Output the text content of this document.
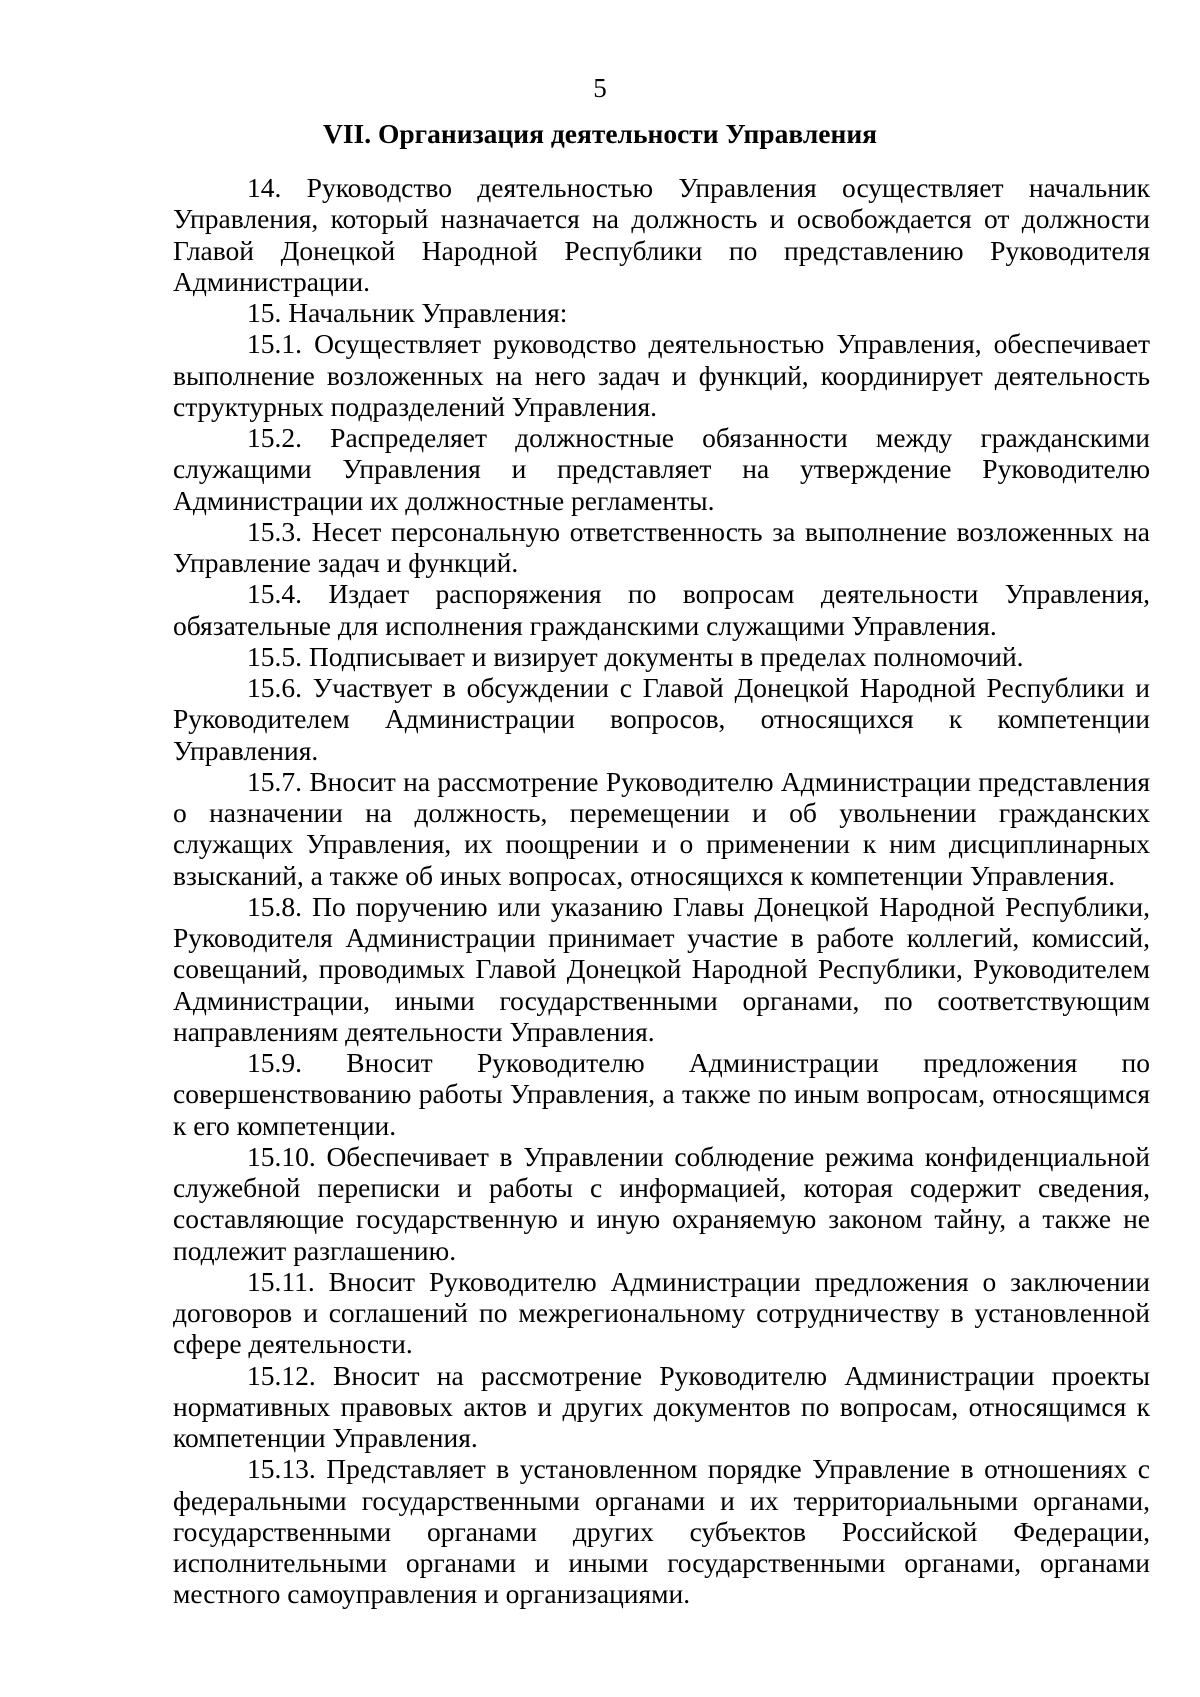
5
VII. Организация деятельности Управления

14. Руководство деятельностью Управления осуществляет начальник Управления, который назначается на должность и освобождается от должности Главой Донецкой Народной Республики по представлению Руководителя Администрации.

15. Начальник Управления:

15.1. Осуществляет руководство деятельностью Управления, обеспечивает выполнение возложенных на него задач и функций, координирует деятельность структурных подразделений Управления.

15.2. Распределяет должностные обязанности между гражданскими служащими Управления и представляет на утверждение Руководителю Администрации их должностные регламенты.

15.3. Несет персональную ответственность за выполнение возложенных на Управление задач и функций.

15.4. Издает распоряжения по вопросам деятельности Управления, обязательные для исполнения гражданскими служащими Управления.

15.5. Подписывает и визирует документы в пределах полномочий.

15.6. Участвует в обсуждении с Главой Донецкой Народной Республики и Руководителем Администрации вопросов, относящихся к компетенции Управления.

15.7. Вносит на рассмотрение Руководителю Администрации представления о назначении на должность, перемещении и об увольнении гражданских служащих Управления, их поощрении и о применении к ним дисциплинарных взысканий, а также об иных вопросах, относящихся к компетенции Управления.

15.8. По поручению или указанию Главы Донецкой Народной Республики, Руководителя Администрации принимает участие в работе коллегий, комиссий, совещаний, проводимых Главой Донецкой Народной Республики, Руководителем Администрации, иными государственными органами, по соответствующим направлениям деятельности Управления.

15.9. Вносит Руководителю Администрации предложения по совершенствованию работы Управления, а также по иным вопросам, относящимся к его компетенции.

15.10. Обеспечивает в Управлении соблюдение режима конфиденциальной служебной переписки и работы с информацией, которая содержит сведения, составляющие государственную и иную охраняемую законом тайну, а также не подлежит разглашению.

15.11. Вносит Руководителю Администрации предложения о заключении договоров и соглашений по межрегиональному сотрудничеству в установленной сфере деятельности.

15.12. Вносит на рассмотрение Руководителю Администрации проекты нормативных правовых актов и других документов по вопросам, относящимся к компетенции Управления.

15.13. Представляет в установленном порядке Управление в отношениях с федеральными государственными органами и их территориальными органами, государственными органами других субъектов Российской Федерации, исполнительными органами и иными государственными органами, органами местного самоуправления и организациями.
